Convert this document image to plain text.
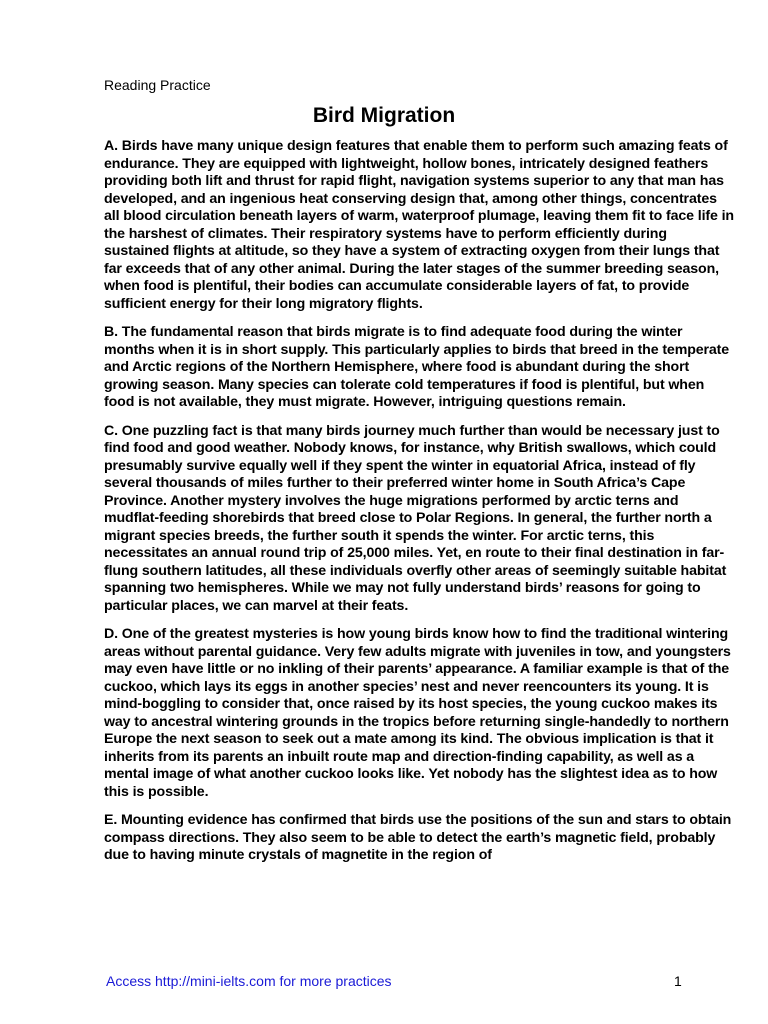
Reading Practice
Bird Migration

A. Birds have many unique design features that enable them to perform such amazing feats of endurance. They are equipped with lightweight, hollow bones, intricately designed feathers providing both lift and thrust for rapid flight, navigation systems superior to any that man has developed, and an ingenious heat conserving design that, among other things, concentrates all blood circulation beneath layers of warm, waterproof plumage, leaving them fit to face life in the harshest of climates. Their respiratory systems have to perform efficiently during sustained flights at altitude, so they have a system of extracting oxygen from their lungs that far exceeds that of any other animal. During the later stages of the summer breeding season, when food is plentiful, their bodies can accumulate considerable layers of fat, to provide sufficient energy for their long migratory flights.

B. The fundamental reason that birds migrate is to find adequate food during the winter months when it is in short supply. This particularly applies to birds that breed in the temperate and Arctic regions of the Northern Hemisphere, where food is abundant during the short growing season. Many species can tolerate cold temperatures if food is plentiful, but when food is not available, they must migrate. However, intriguing questions remain.

C. One puzzling fact is that many birds journey much further than would be necessary just to find food and good weather. Nobody knows, for instance, why British swallows, which could presumably survive equally well if they spent the winter in equatorial Africa, instead of fly several thousands of miles further to their preferred winter home in South Africa’s Cape Province. Another mystery involves the huge migrations performed by arctic terns and mudflat-feeding shorebirds that breed close to Polar Regions. In general, the further north a migrant species breeds, the further south it spends the winter. For arctic terns, this necessitates an annual round trip of 25,000 miles. Yet, en route to their final destination in far-flung southern latitudes, all these individuals overfly other areas of seemingly suitable habitat spanning two hemispheres. While we may not fully understand birds’ reasons for going to particular places, we can marvel at their feats.

D. One of the greatest mysteries is how young birds know how to find the traditional wintering areas without parental guidance. Very few adults migrate with juveniles in tow, and youngsters may even have little or no inkling of their parents’ appearance. A familiar example is that of the cuckoo, which lays its eggs in another species’ nest and never reencounters its young. It is mind-boggling to consider that, once raised by its host species, the young cuckoo makes its way to ancestral wintering grounds in the tropics before returning single-handedly to northern Europe the next season to seek out a mate among its kind. The obvious implication is that it inherits from its parents an inbuilt route map and direction-finding capability, as well as a mental image of what another cuckoo looks like. Yet nobody has the slightest idea as to how this is possible.

E. Mounting evidence has confirmed that birds use the positions of the sun and stars to obtain compass directions. They also seem to be able to detect the earth’s magnetic field, probably due to having minute crystals of magnetite in the region of

Access http://mini-ielts.com for more practices	1
